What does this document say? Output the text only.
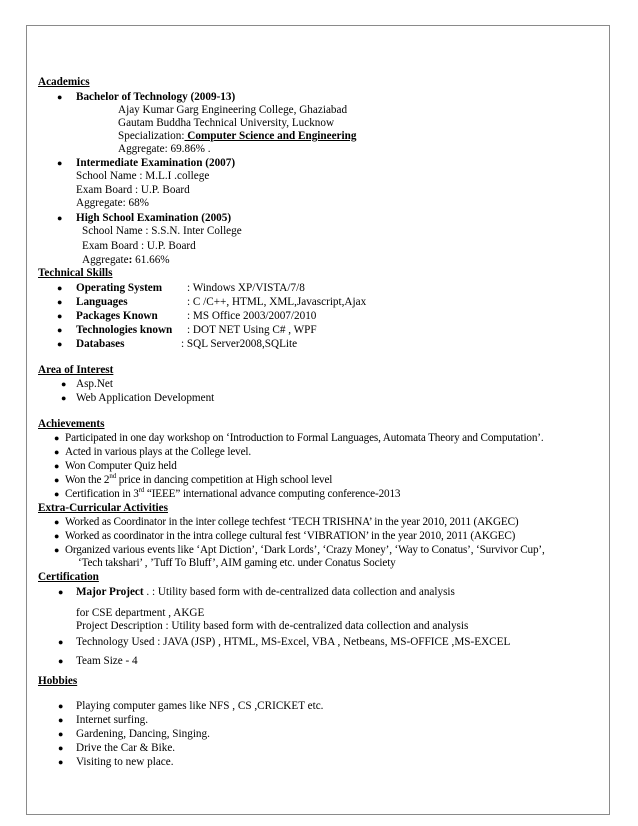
Academics
● Bachelor of Technology (2009-13)
Ajay Kumar Garg Engineering College, Ghaziabad
Gautam Buddha Technical University, Lucknow
Specialization: Computer Science and Engineering
Aggregate: 69.86% .
● Intermediate Examination (2007)
School Name : M.L.I .college
Exam Board : U.P. Board
Aggregate: 68%
● High School Examination (2005)
School Name : S.S.N. Inter College
Exam Board : U.P. Board
Aggregate: 61.66%
Technical Skills
● Operating System : Windows XP/VISTA/7/8
● Languages	: C /C++, HTML, XML,Javascript,Ajax
● Packages Known	: MS Office 2003/2007/2010
● Technologies known : DOT NET Using C# , WPF
● Databases	: SQL Server2008,SQLite
Area of Interest
● Asp.Net
● Web Application Development
Achievements
● Participated in one day workshop on ‘Introduction to Formal Languages, Automata Theory and Computation’.
● Acted in various plays at the College level.
● Won Computer Quiz held
● Won the 2nd price in dancing competition at High school level
● Certification in 3rd “IEEE” international advance computing conference-2013
Extra-Curricular Activities
● Worked as Coordinator in the inter college techfest ‘TECH TRISHNA’ in the year 2010, 2011 (AKGEC)
● Worked as coordinator in the intra college cultural fest ‘VIBRATION’ in the year 2010, 2011 (AKGEC)
● Organized various events like ‘Apt Diction’, ‘Dark Lords’, ‘Crazy Money’, ‘Way to Conatus’, ‘Survivor Cup’,
‘Tech takshari’ , ’Tuff To Bluff’, AIM gaming etc. under Conatus Society
Certification
● Major Project . : Utility based form with de-centralized data collection and analysis
for CSE department , AKGE
Project Description : Utility based form with de-centralized data collection and analysis
● Technology Used : JAVA (JSP) , HTML, MS-Excel, VBA , Netbeans, MS-OFFICE ,MS-EXCEL
● Team Size - 4
Hobbies
● Playing computer games like NFS , CS ,CRICKET etc.
● Internet surfing.
● Gardening, Dancing, Singing.
● Drive the Car & Bike.
● Visiting to new place.
